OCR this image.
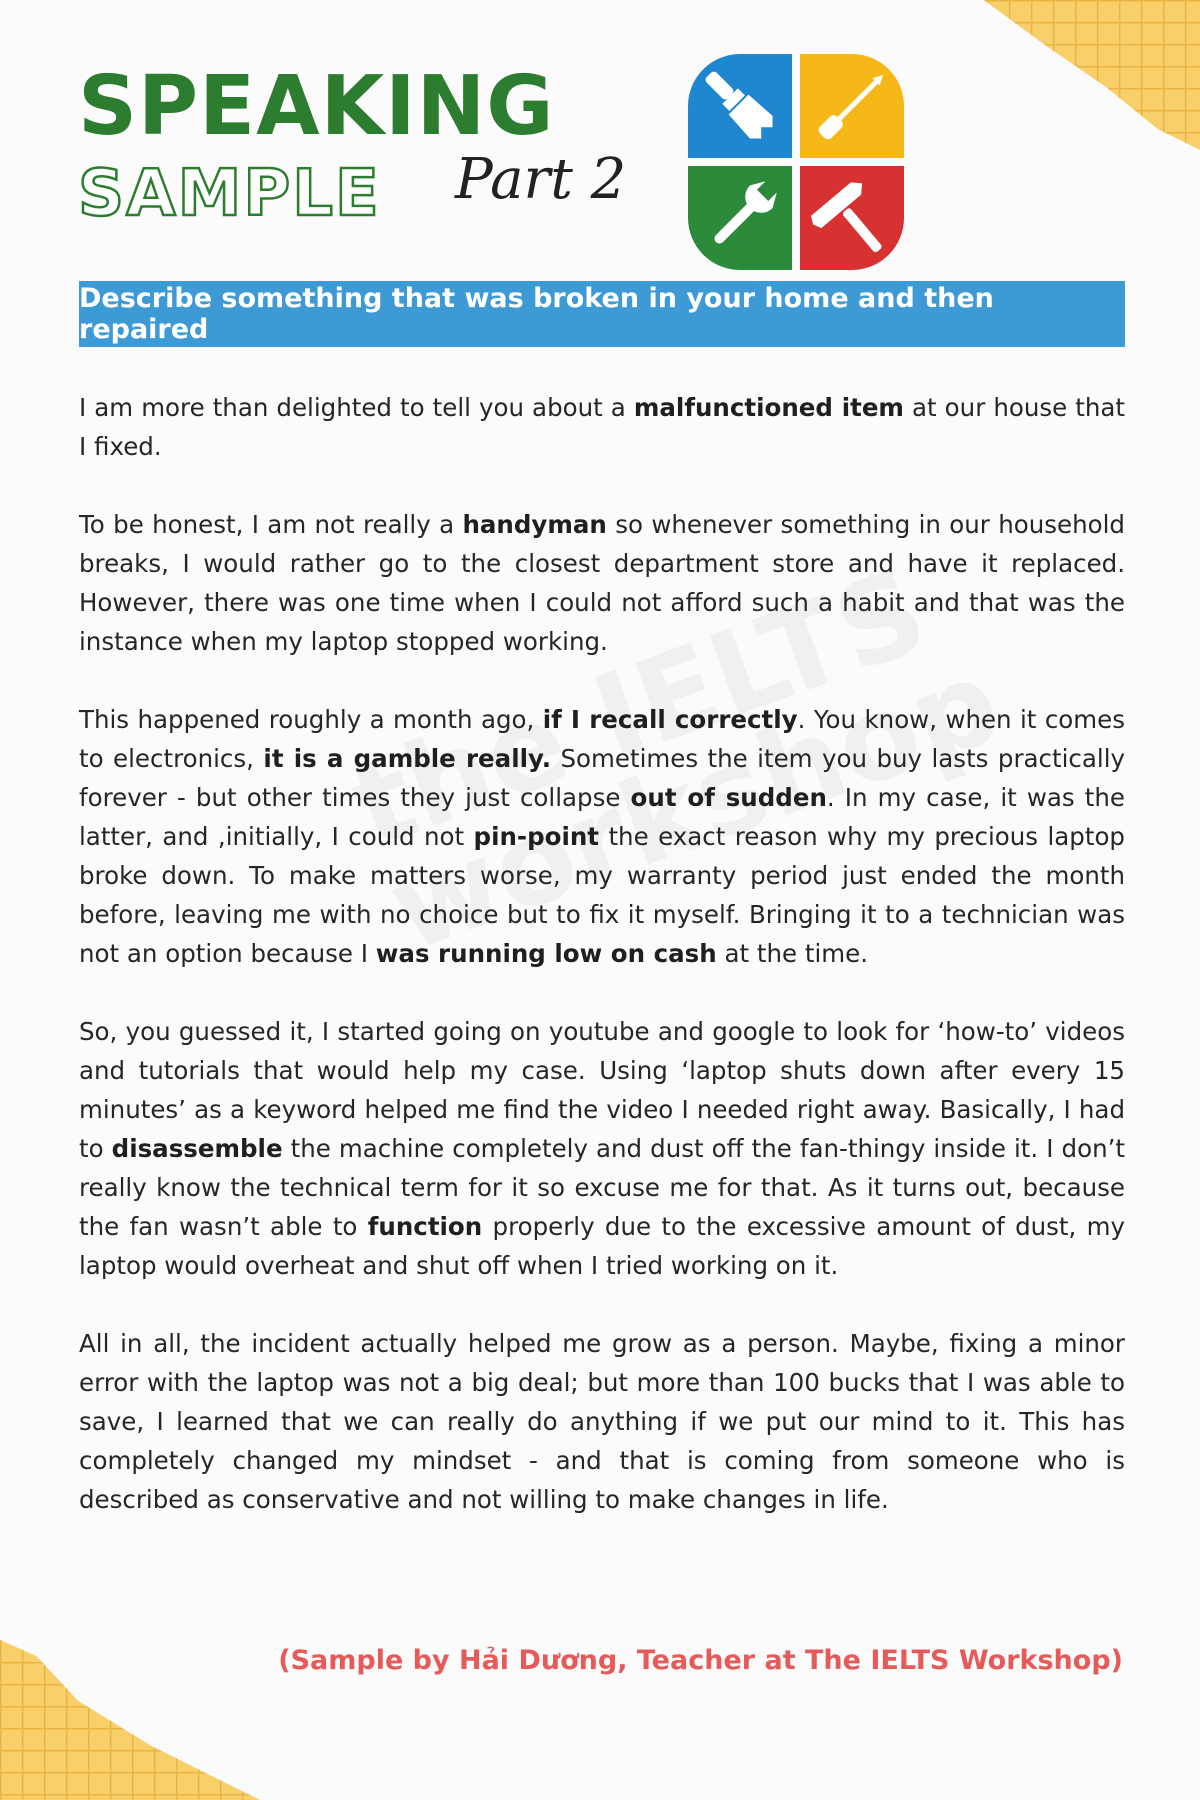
SPEAKING
SAMPLE Part 2
Describe something that was broken in your home and then repaired

I am more than delighted to tell you about a malfunctioned item at our house that I fixed.

To be honest, I am not really a handyman so whenever something in our household breaks, I would rather go to the closest department store and have it replaced. However, there was one time when I could not afford such a habit and that was the instance when my laptop stopped working.

This happened roughly a month ago, if I recall correctly. You know, when it comes to electronics, it is a gamble really. Sometimes the item you buy lasts practically forever - but other times they just collapse out of sudden. In my case, it was the latter, and ,initially, I could not pin-point the exact reason why my precious laptop broke down. To make matters worse, my warranty period just ended the month before, leaving me with no choice but to fix it myself. Bringing it to a technician was not an option because I was running low on cash at the time.

So, you guessed it, I started going on youtube and google to look for ‘how-to’ videos and tutorials that would help my case. Using ‘laptop shuts down after every 15 minutes’ as a keyword helped me find the video I needed right away. Basically, I had to disassemble the machine completely and dust off the fan-thingy inside it. I don’t really know the technical term for it so excuse me for that. As it turns out, because the fan wasn’t able to function properly due to the excessive amount of dust, my laptop would overheat and shut off when I tried working on it.

All in all, the incident actually helped me grow as a person. Maybe, fixing a minor error with the laptop was not a big deal; but more than 100 bucks that I was able to save, I learned that we can really do anything if we put our mind to it. This has completely changed my mindset - and that is coming from someone who is described as conservative and not willing to make changes in life.

(Sample by Hải Dương, Teacher at The IELTS Workshop)
